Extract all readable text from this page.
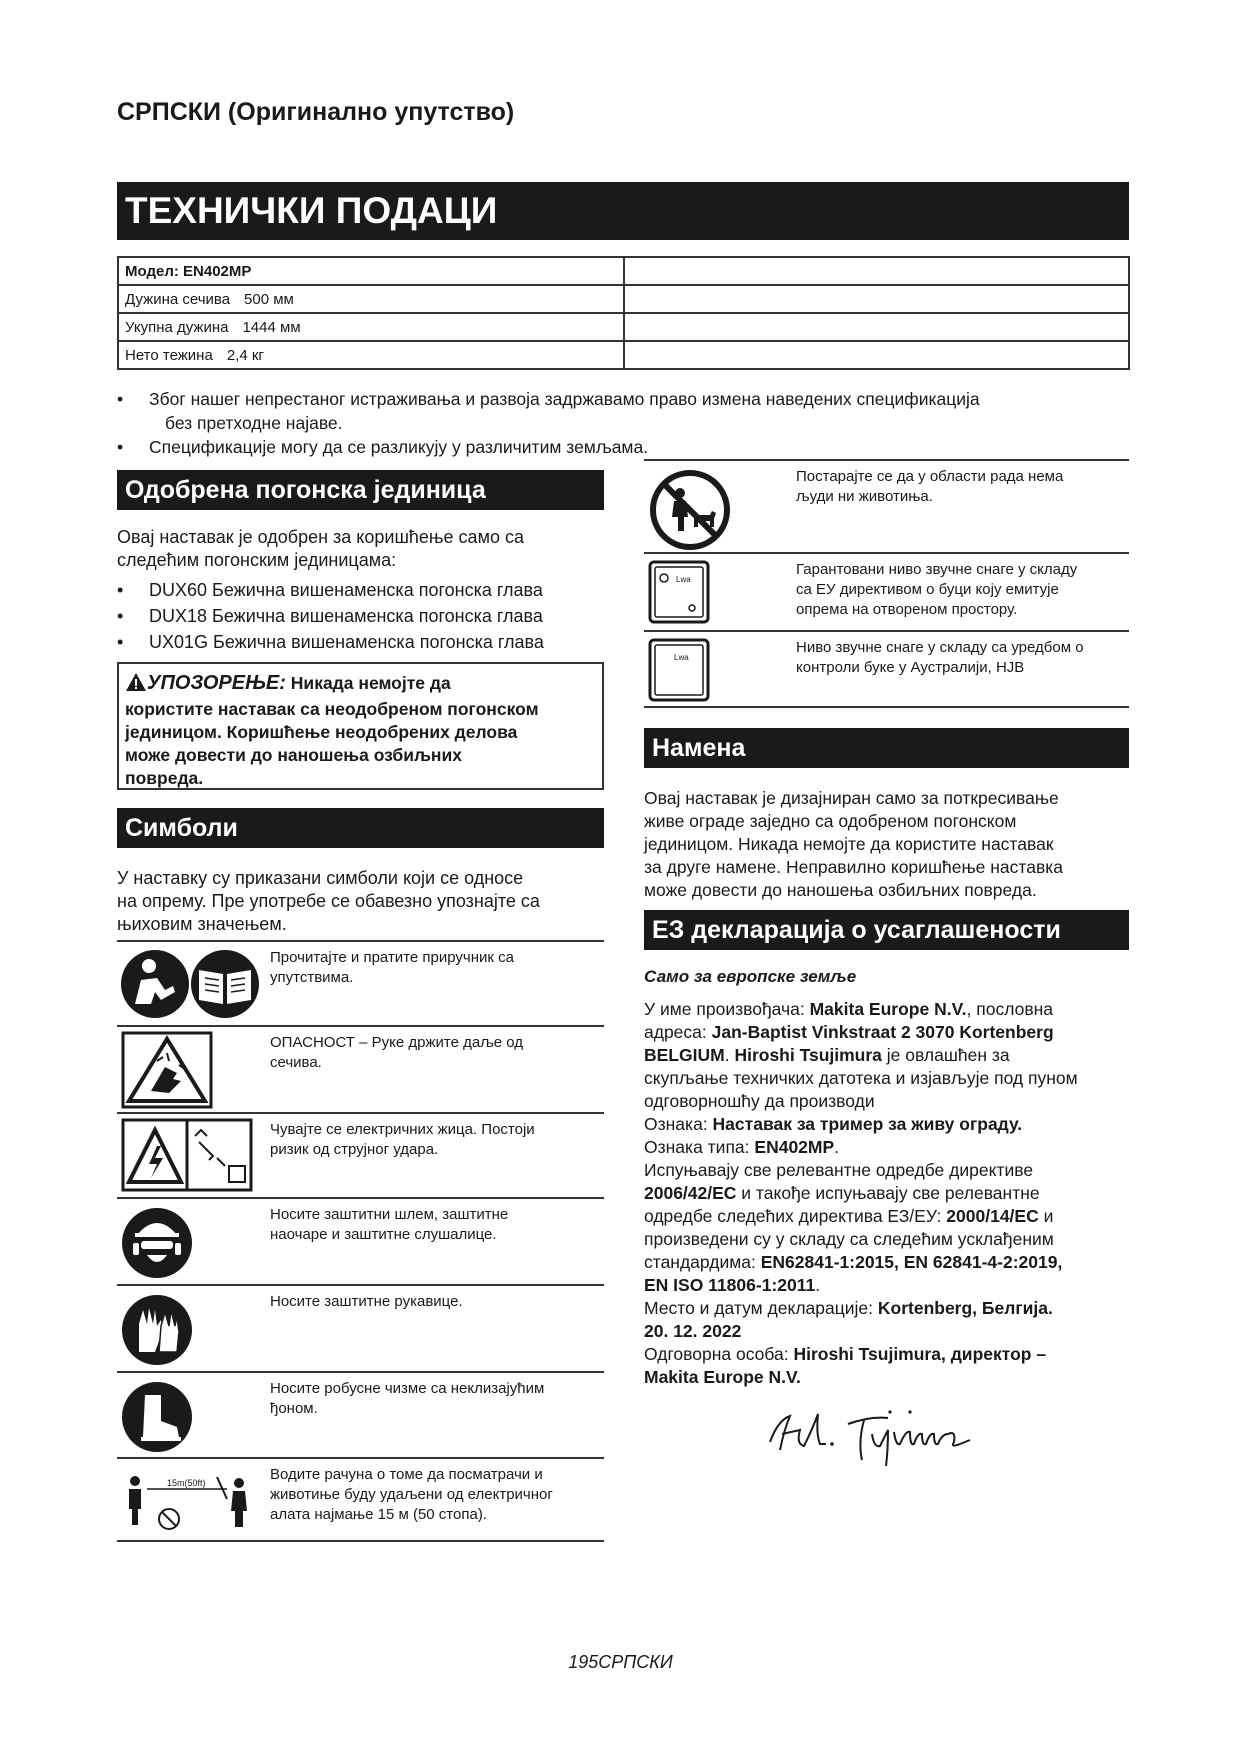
СРПСКИ (Оригинално упутство)
ТЕХНИЧКИ ПОДАЦИ
Модел: EN402MP	
Дужина сечива 500 мм	
Укупна дужина 1444 мм	
Нето тежина 2,4 кг	
• Због нашег непрестаног истраживања и развоја задржавамо право измена наведених спецификација
без претходне најаве.
• Спецификације могу да се разликују у различитим земљама.
Одобрена погонска јединица
Овај наставак је одобрен за коришћење само са
следећим погонским јединицама:
• DUX60 Бежична вишенаменска погонска глава
• DUX18 Бежична вишенаменска погонска глава
• UX01G Бежична вишенаменска погонска глава
УПОЗОРЕЊЕ: Никада немојте да
користите наставак са неодобреном погонском
јединицом. Коришћење неодобрених делова
може довести до наношења озбиљних
повреда.
Симболи
У наставку су приказани симболи који се односе
на опрему. Пре употребе се обавезно упознајте са
њиховим значењем.
Прочитајте и пратите приручник са
упутствима.
ОПАСНОСТ – Руке држите даље од
сечива.
Чувајте се електричних жица. Постоји
ризик од струјног удара.
Носите заштитни шлем, заштитне
наочаре и заштитне слушалице.
Носите заштитне рукавице.
Носите робусне чизме са неклизајућим
ђоном.
15m(50ft)	Водите рачуна о томе да посматрачи и
животиње буду удаљени од електричног
алата најмање 15 м (50 стопа).
Постарајте се да у области рада нема
људи ни животиња.
Lwa
Гарантовани ниво звучне снаге у складу
са ЕУ директивом о буци коју емитује
опрема на отвореном простору.
Lwa
Ниво звучне снаге у складу са уредбом о
контроли буке у Аустралији, НЈВ
Намена
Овај наставак је дизајниран само за поткресивање
живе ограде заједно са одобреном погонском
јединицом. Никада немојте да користите наставак
за друге намене. Неправилно коришћење наставка
може довести до наношења озбиљних повреда.
ЕЗ декларација о усаглашености
Само за европске земље

У име произвођача: Makita Europe N.V., пословна

адреса: Jan-Baptist Vinkstraat 2 3070 Kortenberg

BELGIUM. Hiroshi Tsujimura је овлашћен за

скупљање техничких датотека и изјављује под пуном

одговорношћу да производи

Ознака: Наставак за тример за живу ограду.

Ознака типа: EN402MP.

Испуњавају све релевантне одредбе директиве

2006/42/EC и такође испуњавају све релевантне

одредбе следећих директива ЕЗ/ЕУ: 2000/14/EC и

произведени су у складу са следећим усклађеним

стандардима: EN62841-1:2015, EN 62841-4-2:2019,

EN ISO 11806-1:2011.

Место и датум декларације: Kortenberg, Белгија.

20. 12. 2022

Одговорна особа: Hiroshi Tsujimura, директор –

Makita Europe N.V.

195СРПСКИ
